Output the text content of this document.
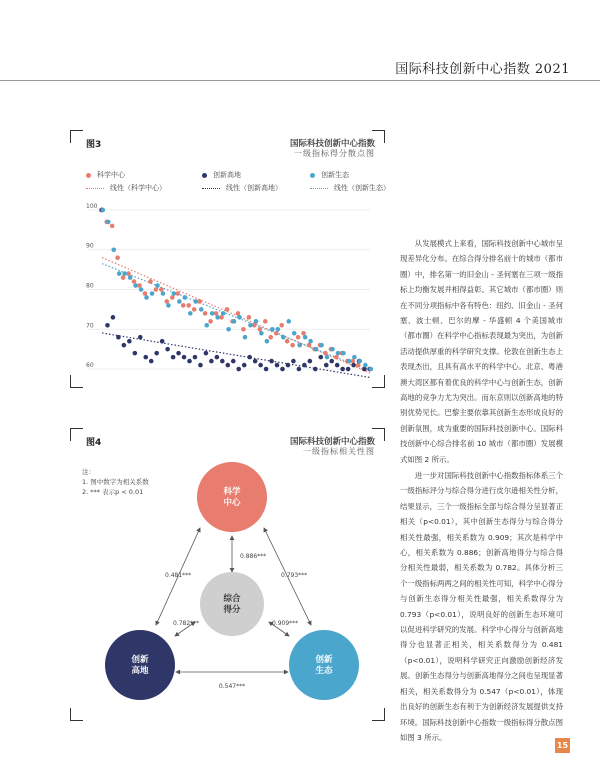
国际科技创新中心指数 2021
图3	国际科技创新中心指数
一级指标得分散点图
科学中心	创新高地	创新生态
线性（科学中心）	线性（创新高地）	线性（创新生态）
100
90
80
70
60
图4	国际科技创新中心指数
一级指标相关性图
注：
1. 图中数字为相关系数
2. *** 表示p < 0.01	科学中心
综合得分
创新高地
创新生态
0.886***
0.481***	0.793***
0.782***	0.909***
0.547***
从发展模式上来看，国际科技创新中心城市呈现差异化分布。在综合得分排名前十的城市（都市圈）中，排名第一的旧金山 - 圣何塞在三项一级指标上均衡发展并相得益彰。其它城市（都市圈）则在不同分项指标中各有特色：纽约、旧金山 - 圣何塞、波士顿、巴尔的摩 - 华盛顿 4 个美国城市（都市圈）在科学中心指标表现最为突出，为创新活动提供厚重的科学研究支撑。伦敦在创新生态上表现杰出，且具有高水平的科学中心。北京、粤港澳大湾区都有着优良的科学中心与创新生态，创新高地的竞争力尤为突出。而东京则以创新高地的特别优势见长。巴黎主要依靠其创新生态形成良好的创新氛围，成为重要的国际科技创新中心。国际科技创新中心综合排名前 10 城市（都市圈）发展模式如图 2 所示。
进一步对国际科技创新中心指数指标体系三个一级指标评分与综合得分进行皮尔逊相关性分析，结果显示，三个一级指标全部与综合得分呈显著正相关（p<0.01），其中创新生态得分与综合得分相关性最强，相关系数为 0.909；其次是科学中心，相关系数为 0.886；创新高地得分与综合得分相关性最弱，相关系数为 0.782。具体分析三个一级指标两两之间的相关性可知，科学中心得分与创新生态得分相关性最强，相关系数得分为 0.793（p<0.01），说明良好的创新生态环境可以促进科学研究的发展。科学中心得分与创新高地得分也显著正相关，相关系数得分为 0.481（p<0.01），说明科学研究正向激励创新经济发展。创新生态得分与创新高地得分之间也呈现显著相关，相关系数得分为 0.547（p<0.01），体现出良好的创新生态有利于为创新经济发展提供支持环境。国际科技创新中心指数一级指标得分散点图如图 3 所示。
15
